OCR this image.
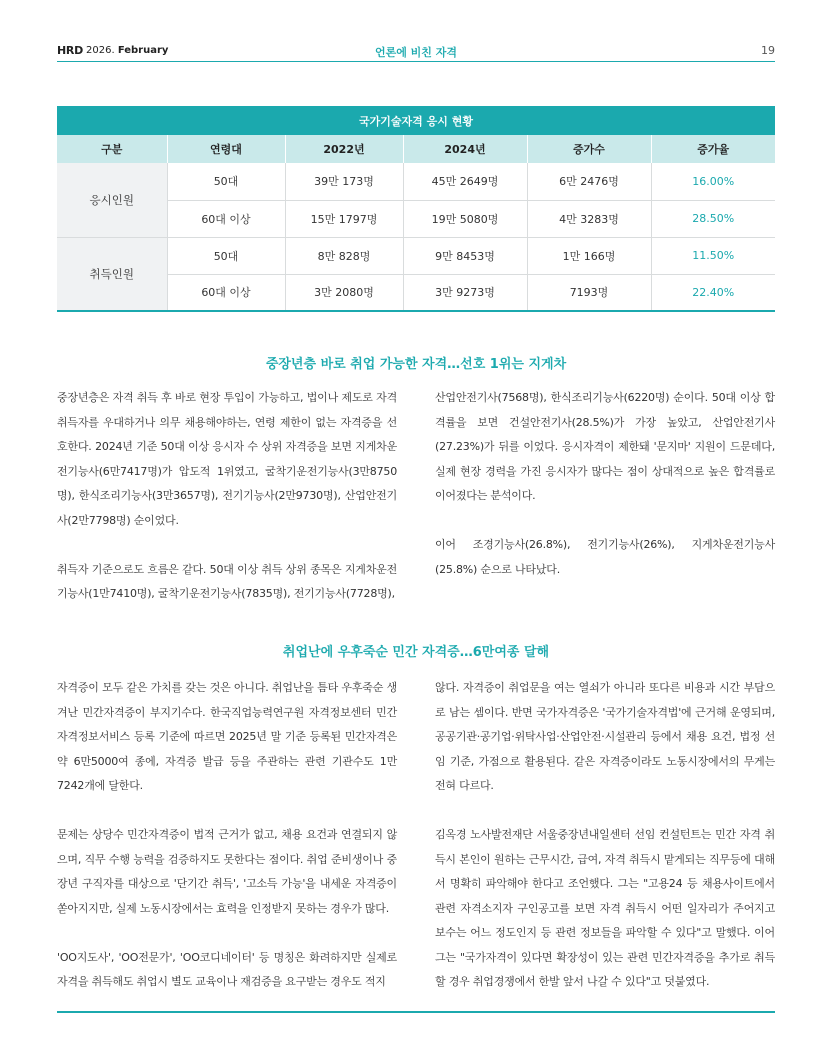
HRD 2026. February	언론에 비친 자격	19
국가기술자격 응시 현황					
구분	연령대	2022년	2024년	증가수	증가율
응시인원	50대	39만 173명	45만 2649명	6만 2476명	16.00%
	60대 이상	15만 1797명	19만 5080명	4만 3283명	28.50%
취득인원	50대	8만 828명	9만 8453명	1만 166명	11.50%
	60대 이상	3만 2080명	3만 9273명	7193명	22.40%
중장년층 바로 취업 가능한 자격…선호 1위는 지게차

중장년층은 자격 취득 후 바로 현장 투입이 가능하고, 법이나 제도로 자격 취득자를 우대하거나 의무 채용해야하는, 연령 제한이 없는 자격증을 선호한다. 2024년 기준 50대 이상 응시자 수 상위 자격증을 보면 지게차운전기능사(6만7417명)가 압도적 1위였고, 굴착기운전기능사(3만8750명), 한식조리기능사(3만3657명), 전기기능사(2만9730명), 산업안전기사(2만7798명) 순이었다.

취득자 기준으로도 흐름은 같다. 50대 이상 취득 상위 종목은 지게차운전기능사(1만7410명), 굴착기운전기능사(7835명), 전기기능사(7728명),

산업안전기사(7568명), 한식조리기능사(6220명) 순이다. 50대 이상 합격률을 보면 건설안전기사(28.5%)가 가장 높았고, 산업안전기사(27.23%)가 뒤를 이었다. 응시자격이 제한돼 '문지마' 지원이 드문데다, 실제 현장 경력을 가진 응시자가 많다는 점이 상대적으로 높은 합격률로 이어졌다는 분석이다.

이어 조경기능사(26.8%), 전기기능사(26%), 지게차운전기능사(25.8%) 순으로 나타났다.

취업난에 우후죽순 민간 자격증…6만여종 달해

자격증이 모두 같은 가치를 갖는 것은 아니다. 취업난을 틈타 우후죽순 생겨난 민간자격증이 부지기수다. 한국직업능력연구원 자격정보센터 민간자격정보서비스 등록 기준에 따르면 2025년 말 기준 등록된 민간자격은 약 6만5000여 종에, 자격증 발급 등을 주관하는 관련 기관수도 1만7242개에 달한다.

문제는 상당수 민간자격증이 법적 근거가 없고, 채용 요건과 연결되지 않으며, 직무 수행 능력을 검증하지도 못한다는 점이다. 취업 준비생이나 중장년 구직자를 대상으로 '단기간 취득', '고소득 가능'을 내세운 자격증이 쏟아지지만, 실제 노동시장에서는 효력을 인정받지 못하는 경우가 많다.

'OO지도사', 'OO전문가', 'OO코디네이터' 등 명칭은 화려하지만 실제로 자격을 취득해도 취업시 별도 교육이나 재검증을 요구받는 경우도 적지

않다. 자격증이 취업문을 여는 열쇠가 아니라 또다른 비용과 시간 부담으로 남는 셈이다. 반면 국가자격증은 '국가기술자격법'에 근거해 운영되며, 공공기관·공기업·위탁사업·산업안전·시설관리 등에서 채용 요건, 법정 선임 기준, 가점으로 활용된다. 같은 자격증이라도 노동시장에서의 무게는 전혀 다르다.

김옥경 노사발전재단 서울중장년내일센터 선임 컨설턴트는 민간 자격 취득시 본인이 원하는 근무시간, 급여, 자격 취득시 맡게되는 직무등에 대해서 명확히 파악해야 한다고 조언했다. 그는 "고용24 등 채용사이트에서 관련 자격소지자 구인공고를 보면 자격 취득시 어떤 일자리가 주어지고 보수는 어느 정도인지 등 관련 정보들을 파악할 수 있다"고 말했다. 이어 그는 "국가자격이 있다면 확장성이 있는 관련 민간자격증을 추가로 취득할 경우 취업경쟁에서 한발 앞서 나갈 수 있다"고 덧붙였다.
